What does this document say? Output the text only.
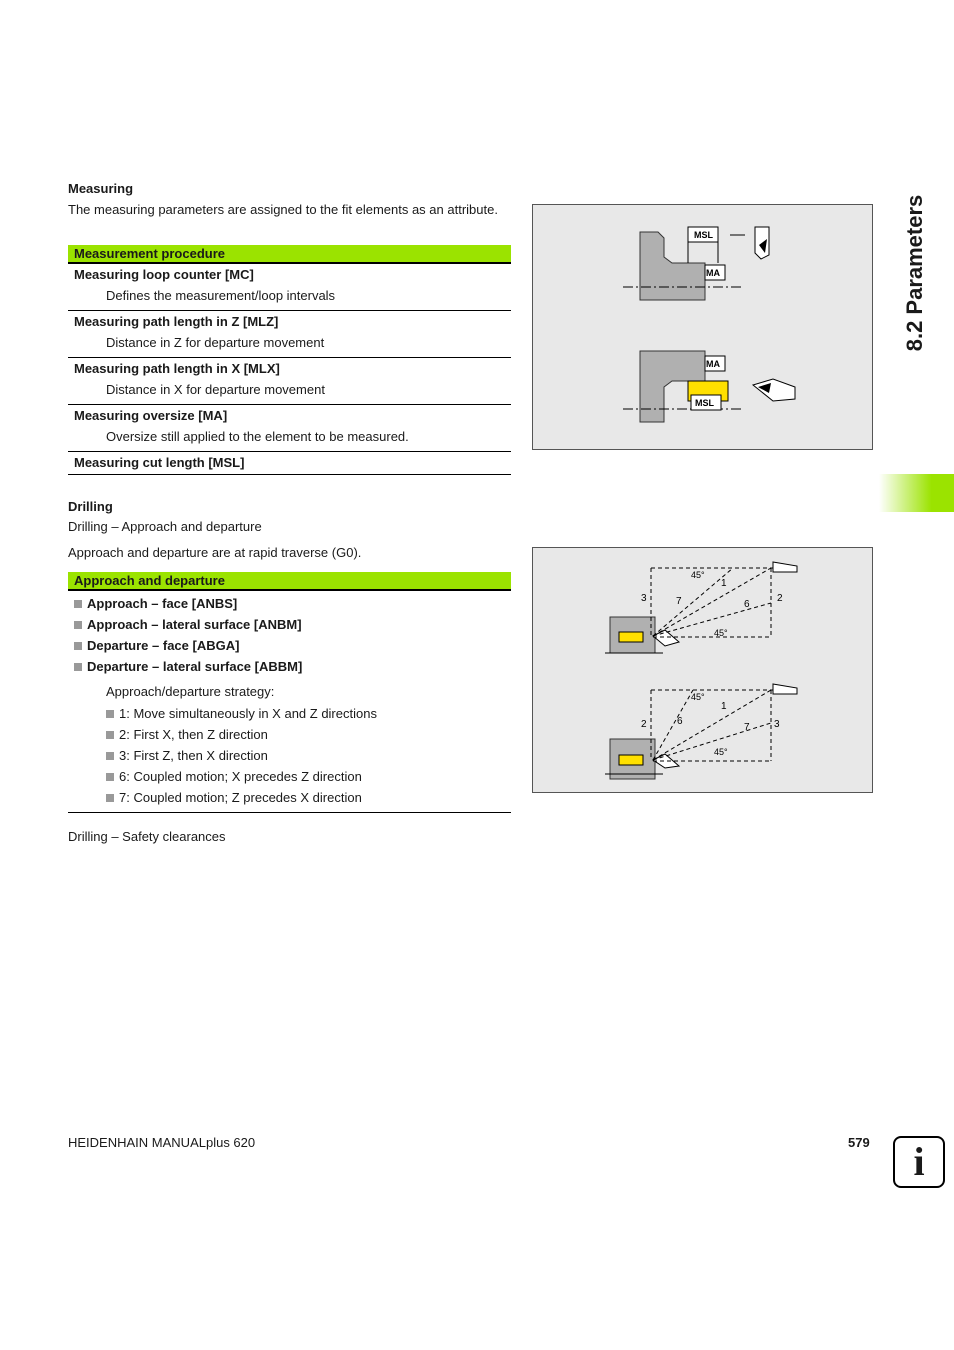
Measuring
The measuring parameters are assigned to the fit elements as an attribute.
Measurement procedure
Measuring loop counter [MC]
Defines the measurement/loop intervals
Measuring path length in Z [MLZ]
Distance in Z for departure movement
Measuring path length in X [MLX]
Distance in X for departure movement
Measuring oversize [MA]
Oversize still applied to the element to be measured.
Measuring cut length [MSL]
MSL
MA
MA
MSL
Drilling
Drilling – Approach and departure
Approach and departure are at rapid traverse (G0).
Approach and departure
Approach – face [ANBS]
Approach – lateral surface [ANBM]
Departure – face [ABGA]
Departure – lateral surface [ABBM]
Approach/departure strategy:
1: Move simultaneously in X and Z directions
2: First X, then Z direction
3: First Z, then X direction
6: Coupled motion; X precedes Z direction
7: Coupled motion; Z precedes X direction
Drilling – Safety clearances
45°
45°
1
2
3
6
7
45°
45°
1
2	3
6
7
8.2 Parameters
HEIDENHAIN MANUALplus 620	579	i
